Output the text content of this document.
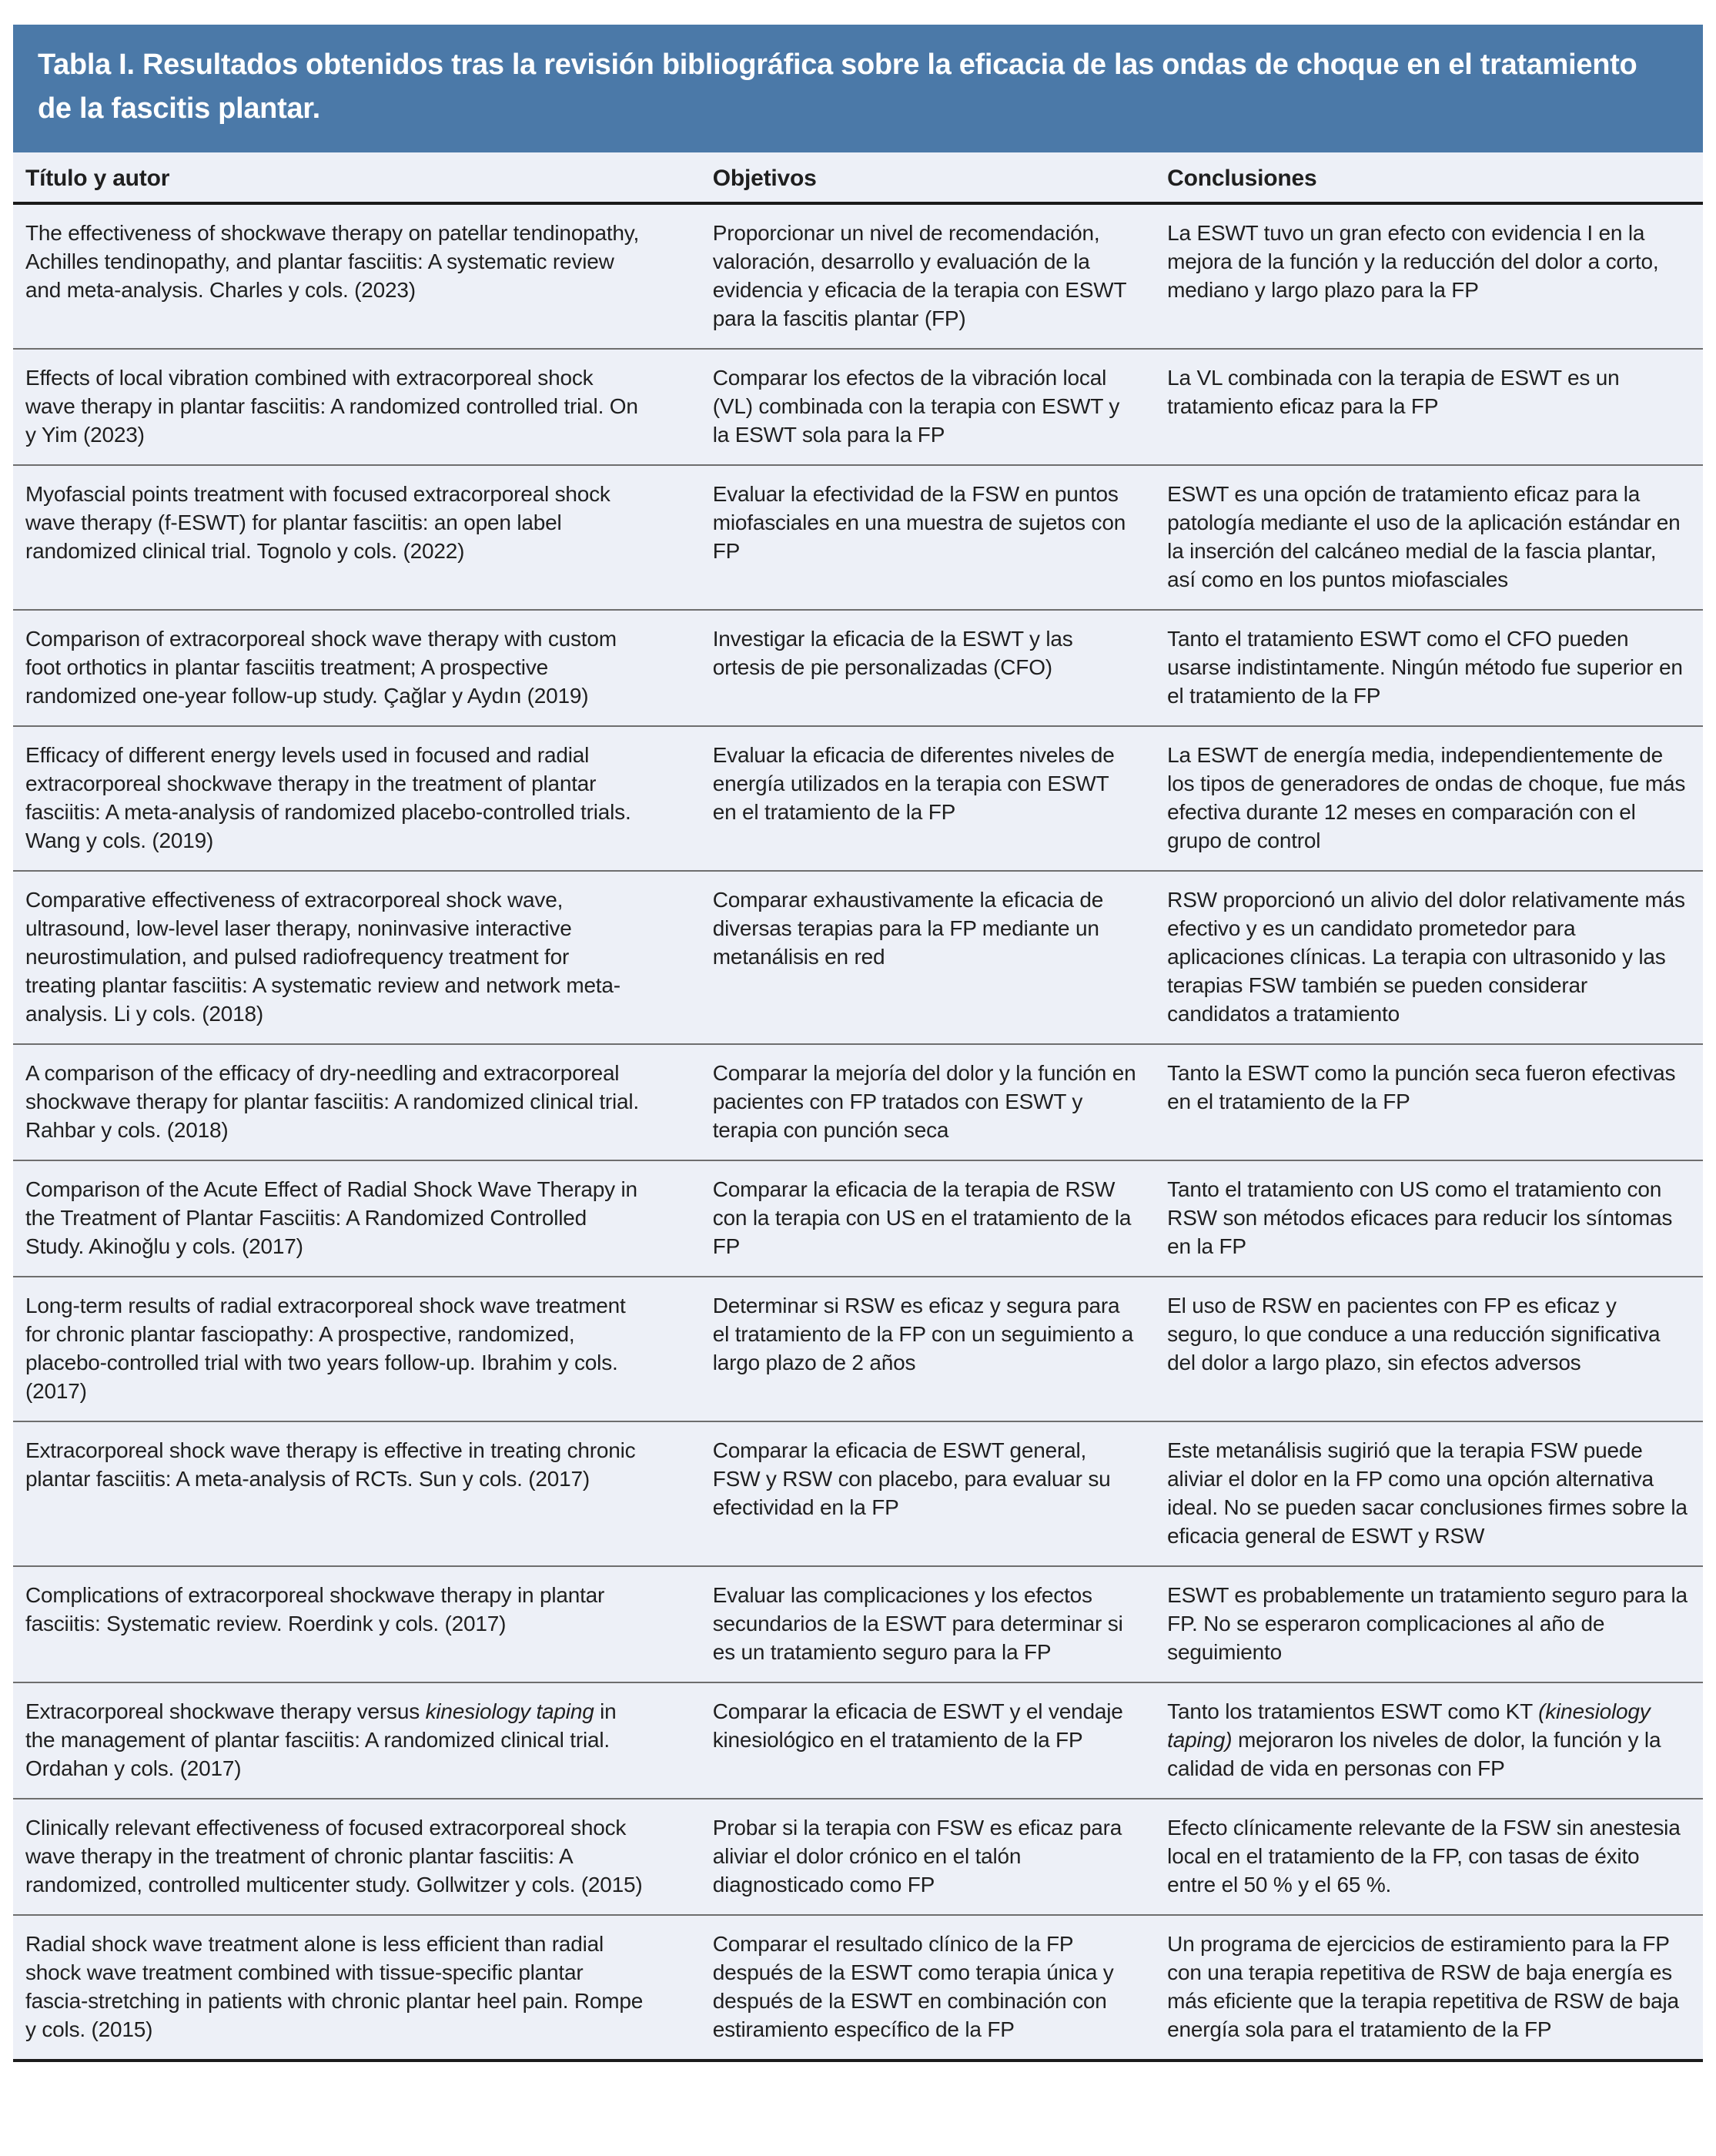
Tabla I. Resultados obtenidos tras la revisión bibliográfica sobre la eficacia de las ondas de choque en el tratamiento
de la fascitis plantar.
Título y autor	Objetivos	Conclusiones
The effectiveness of shockwave therapy on patellar tendinopathy, Achilles tendinopathy, and plantar fasciitis: A systematic review and meta-analysis. Charles y cols. (2023)
Proporcionar un nivel de recomendación, valoración, desarrollo y evaluación de la evidencia y eficacia de la terapia con ESWT para la fascitis plantar (FP)
La ESWT tuvo un gran efecto con evidencia I en la mejora de la función y la reducción del dolor a corto, mediano y largo plazo para la FP
Effects of local vibration combined with extracorporeal shock wave therapy in plantar fasciitis: A randomized controlled trial. On y Yim (2023)
Comparar los efectos de la vibración local (VL) combinada con la terapia con ESWT y la ESWT sola para la FP
La VL combinada con la terapia de ESWT es un tratamiento eficaz para la FP
Myofascial points treatment with focused extracorporeal shock wave therapy (f-ESWT) for plantar fasciitis: an open label randomized clinical trial. Tognolo y cols. (2022)
Evaluar la efectividad de la FSW en puntos miofasciales en una muestra de sujetos con FP
ESWT es una opción de tratamiento eficaz para la patología mediante el uso de la aplicación estándar en la inserción del calcáneo medial de la fascia plantar, así como en los puntos miofasciales
Comparison of extracorporeal shock wave therapy with custom foot orthotics in plantar fasciitis treatment; A prospective randomized one-year follow-up study. Çağlar y Aydın (2019)
Investigar la eficacia de la ESWT y las ortesis de pie personalizadas (CFO)
Tanto el tratamiento ESWT como el CFO pueden usarse indistintamente. Ningún método fue superior en el tratamiento de la FP
Efficacy of different energy levels used in focused and radial extracorporeal shockwave therapy in the treatment of plantar fasciitis: A meta-analysis of randomized placebo-controlled trials. Wang y cols. (2019)
Evaluar la eficacia de diferentes niveles de energía utilizados en la terapia con ESWT en el tratamiento de la FP
La ESWT de energía media, independientemente de los tipos de generadores de ondas de choque, fue más efectiva durante 12 meses en comparación con el grupo de control
Comparative effectiveness of extracorporeal shock wave, ultrasound, low-level laser therapy, noninvasive interactive neurostimulation, and pulsed radiofrequency treatment for treating plantar fasciitis: A systematic review and network meta-analysis. Li y cols. (2018)
Comparar exhaustivamente la eficacia de diversas terapias para la FP mediante un metanálisis en red
RSW proporcionó un alivio del dolor relativamente más efectivo y es un candidato prometedor para aplicaciones clínicas. La terapia con ultrasonido y las terapias FSW también se pueden considerar candidatos a tratamiento
A comparison of the efficacy of dry-needling and extracorporeal shockwave therapy for plantar fasciitis: A randomized clinical trial. Rahbar y cols. (2018)
Comparar la mejoría del dolor y la función en pacientes con FP tratados con ESWT y terapia con punción seca
Tanto la ESWT como la punción seca fueron efectivas en el tratamiento de la FP
Comparison of the Acute Effect of Radial Shock Wave Therapy in the Treatment of Plantar Fasciitis: A Randomized Controlled Study. Akinoğlu y cols. (2017)
Comparar la eficacia de la terapia de RSW con la terapia con US en el tratamiento de la FP
Tanto el tratamiento con US como el tratamiento con RSW son métodos eficaces para reducir los síntomas en la FP
Long-term results of radial extracorporeal shock wave treatment for chronic plantar fasciopathy: A prospective, randomized, placebo-controlled trial with two years follow-up. Ibrahim y cols. (2017)
Determinar si RSW es eficaz y segura para el tratamiento de la FP con un seguimiento a largo plazo de 2 años
El uso de RSW en pacientes con FP es eficaz y seguro, lo que conduce a una reducción significativa del dolor a largo plazo, sin efectos adversos
Extracorporeal shock wave therapy is effective in treating chronic plantar fasciitis: A meta-analysis of RCTs. Sun y cols. (2017)
Comparar la eficacia de ESWT general, FSW y RSW con placebo, para evaluar su efectividad en la FP
Este metanálisis sugirió que la terapia FSW puede aliviar el dolor en la FP como una opción alternativa ideal. No se pueden sacar conclusiones firmes sobre la eficacia general de ESWT y RSW
Complications of extracorporeal shockwave therapy in plantar fasciitis: Systematic review. Roerdink y cols. (2017)
Evaluar las complicaciones y los efectos secundarios de la ESWT para determinar si es un tratamiento seguro para la FP
ESWT es probablemente un tratamiento seguro para la FP. No se esperaron complicaciones al año de seguimiento
Extracorporeal shockwave therapy versus kinesiology taping in the management of plantar fasciitis: A randomized clinical trial. Ordahan y cols. (2017)
Comparar la eficacia de ESWT y el vendaje kinesiológico en el tratamiento de la FP
Tanto los tratamientos ESWT como KT (kinesiology taping) mejoraron los niveles de dolor, la función y la calidad de vida en personas con FP
Clinically relevant effectiveness of focused extracorporeal shock wave therapy in the treatment of chronic plantar fasciitis: A randomized, controlled multicenter study. Gollwitzer y cols. (2015)
Probar si la terapia con FSW es eficaz para aliviar el dolor crónico en el talón diagnosticado como FP
Efecto clínicamente relevante de la FSW sin anestesia local en el tratamiento de la FP, con tasas de éxito entre el 50 % y el 65 %.
Radial shock wave treatment alone is less efficient than radial shock wave treatment combined with tissue-specific plantar fascia-stretching in patients with chronic plantar heel pain. Rompe y cols. (2015)
Comparar el resultado clínico de la FP después de la ESWT como terapia única y después de la ESWT en combinación con estiramiento específico de la FP
Un programa de ejercicios de estiramiento para la FP con una terapia repetitiva de RSW de baja energía es más eficiente que la terapia repetitiva de RSW de baja energía sola para el tratamiento de la FP
